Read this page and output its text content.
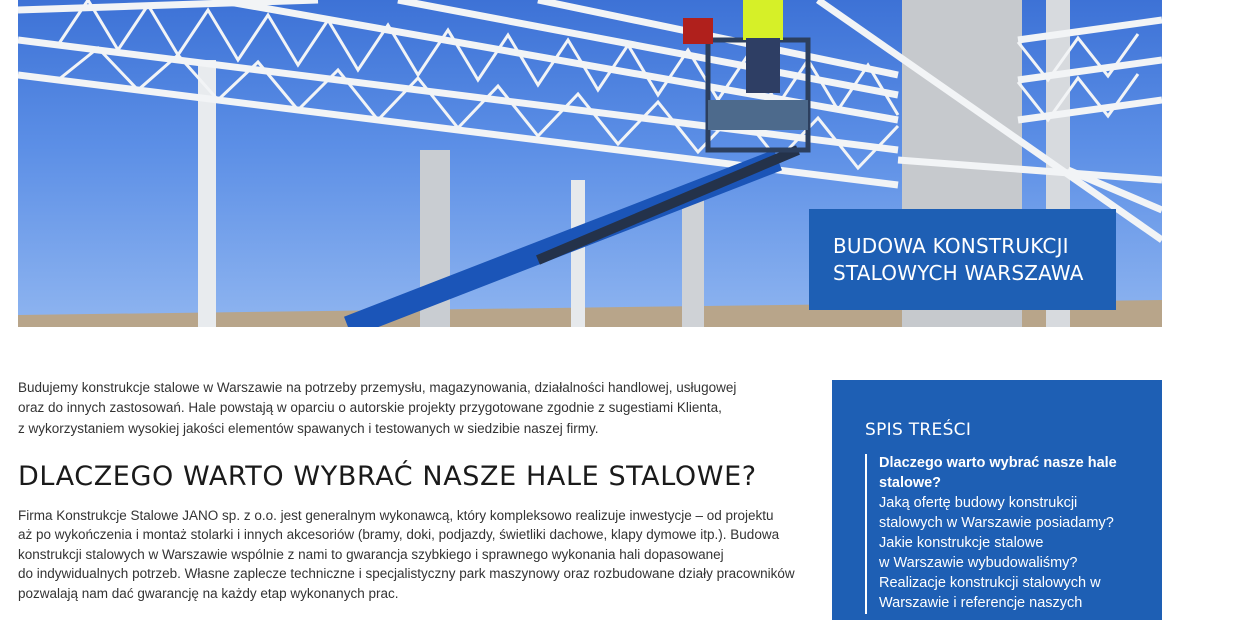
BUDOWA KONSTRUKCJI
STALOWYCH WARSZAWA

Budujemy konstrukcje stalowe w Warszawie na potrzeby przemysłu, magazynowania, działalności handlowej, usługowej
oraz do innych zastosowań. Hale powstają w oparciu o autorskie projekty przygotowane zgodnie z sugestiami Klienta,
z wykorzystaniem wysokiej jakości elementów spawanych i testowanych w siedzibie naszej firmy.

DLACZEGO WARTO WYBRAĆ NASZE HALE STALOWE?

Firma Konstrukcje Stalowe JANO sp. z o.o. jest generalnym wykonawcą, który kompleksowo realizuje inwestycje – od projektu
aż po wykończenia i montaż stolarki i innych akcesoriów (bramy, doki, podjazdy, świetliki dachowe, klapy dymowe itp.). Budowa
konstrukcji stalowych w Warszawie wspólnie z nami to gwarancja szybkiego i sprawnego wykonania hali dopasowanej
do indywidualnych potrzeb. Własne zaplecze techniczne i specjalistyczny park maszynowy oraz rozbudowane działy pracowników
pozwalają nam dać gwarancję na każdy etap wykonanych prac.

SPIS TREŚCI
Dlaczego warto wybrać nasze hale
stalowe?
Jaką ofertę budowy konstrukcji
stalowych w Warszawie posiadamy?
Jakie konstrukcje stalowe
w Warszawie wybudowaliśmy?
Realizacje konstrukcji stalowych w
Warszawie i referencje naszych
